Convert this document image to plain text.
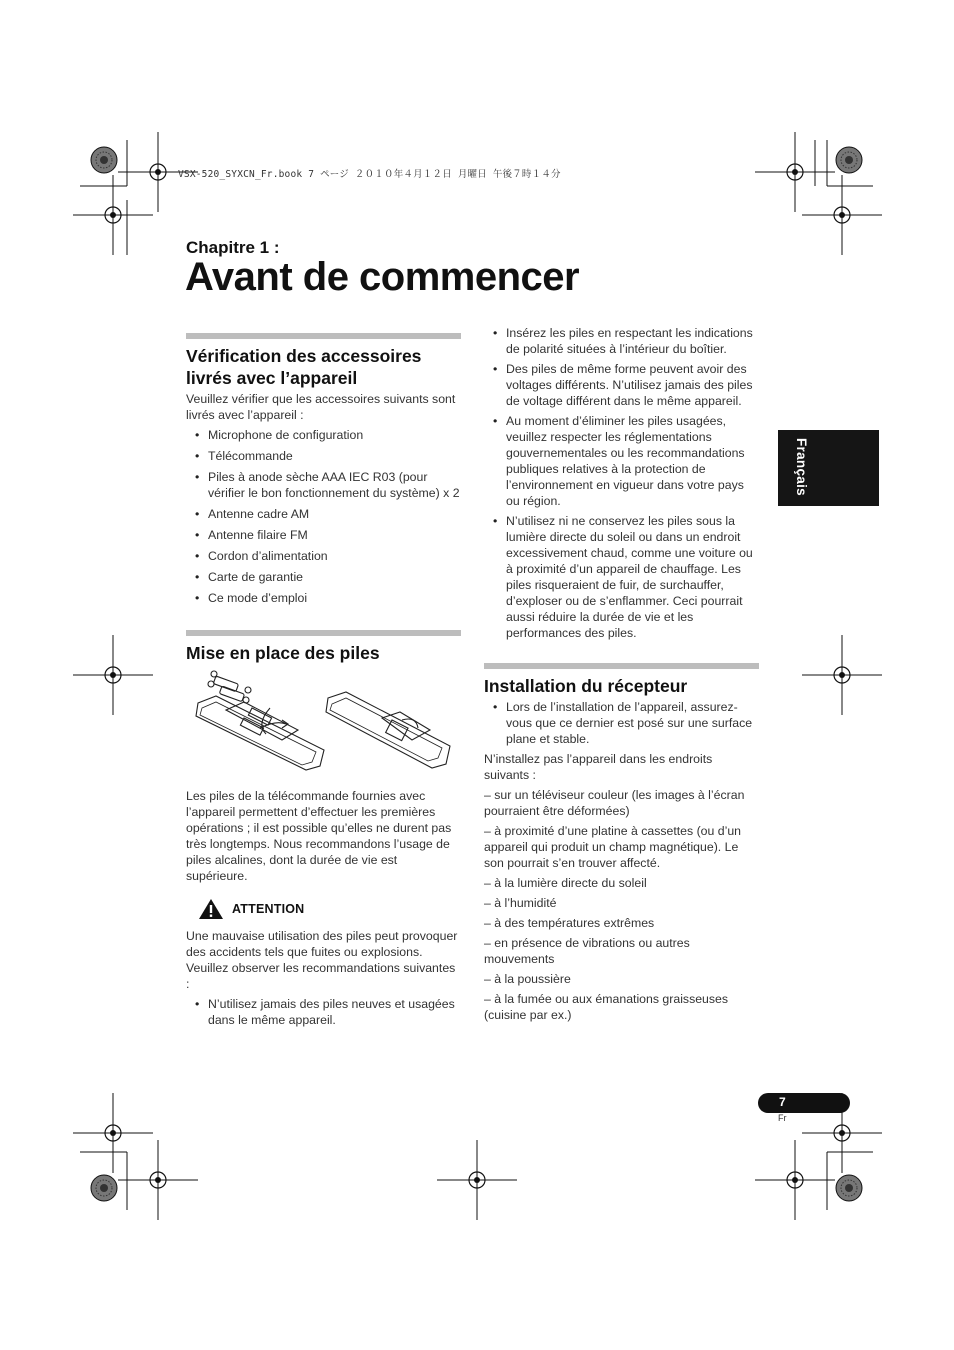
VSX-520_SYXCN_Fr.book 7 ページ ２０１０年４月１２日 月曜日 午後７時１４分
Chapitre 1 :
Avant de commencer
Français
Vérification des accessoires livrés avec l’appareil

Veuillez vérifier que les accessoires suivants sont livrés avec l’appareil :

• Microphone de configuration
• Télécommande
• Piles à anode sèche AAA IEC R03 (pour vérifier le bon fonctionnement du système) x 2
• Antenne cadre AM
• Antenne filaire FM
• Cordon d’alimentation
• Carte de garantie
• Ce mode d’emploi
Mise en place des piles

Les piles de la télécommande fournies avec l’appareil permettent d’effectuer les premières opérations ; il est possible qu’elles ne durent pas très longtemps. Nous recommandons l’usage de piles alcalines, dont la durée de vie est supérieure.

ATTENTION

Une mauvaise utilisation des piles peut provoquer des accidents tels que fuites ou explosions. Veuillez observer les recommandations suivantes :

• N’utilisez jamais des piles neuves et usagées dans le même appareil.
• Insérez les piles en respectant les indications de polarité situées à l’intérieur du boîtier.
• Des piles de même forme peuvent avoir des voltages différents. N’utilisez jamais des piles de voltage différent dans le même appareil.
• Au moment d’éliminer les piles usagées, veuillez respecter les réglementations gouvernementales ou les recommandations publiques relatives à la protection de l’environnement en vigueur dans votre pays ou région.
• N’utilisez ni ne conservez les piles sous la lumière directe du soleil ou dans un endroit excessivement chaud, comme une voiture ou à proximité d’un appareil de chauffage. Les piles risqueraient de fuir, de surchauffer, d’exploser ou de s’enflammer. Ceci pourrait aussi réduire la durée de vie et les performances des piles.
Installation du récepteur
• Lors de l’installation de l’appareil, assurez-vous que ce dernier est posé sur une surface plane et stable.

N’installez pas l’appareil dans les endroits suivants :

– sur un téléviseur couleur (les images à l’écran pourraient être déformées)

– à proximité d’une platine à cassettes (ou d’un appareil qui produit un champ magnétique). Le son pourrait s’en trouver affecté.

– à la lumière directe du soleil

– à l’humidité

– à des températures extrêmes

– en présence de vibrations ou autres mouvements

– à la poussière

– à la fumée ou aux émanations graisseuses (cuisine par ex.)

7
Fr
